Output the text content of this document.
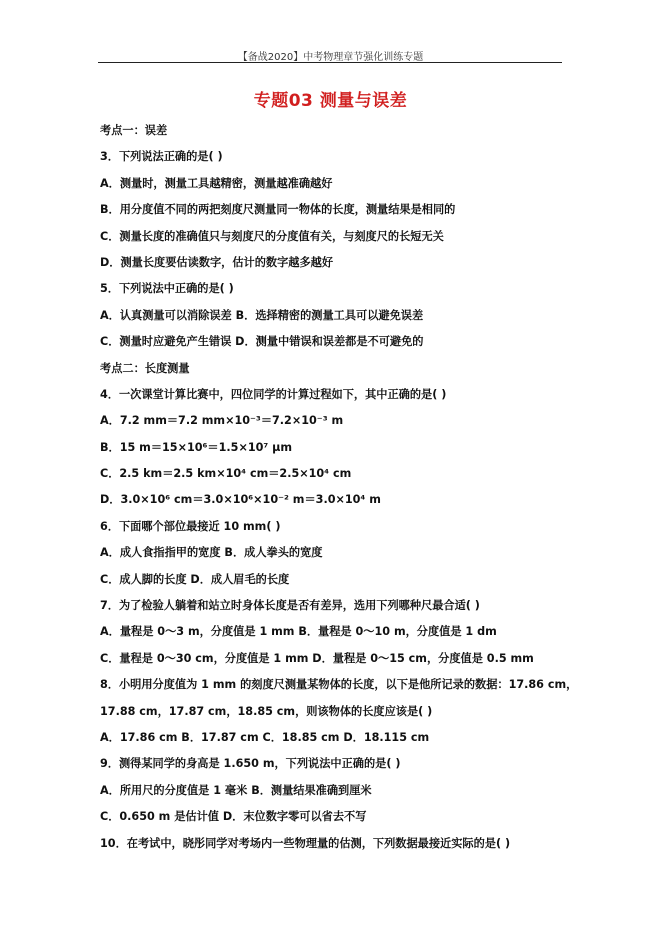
【备战2020】中考物理章节强化训练专题
专题03 测量与误差
考点一：误差
3．下列说法正确的是( )
A．测量时，测量工具越精密，测量越准确越好
B．用分度值不同的两把刻度尺测量同一物体的长度，测量结果是相同的
C．测量长度的准确值只与刻度尺的分度值有关，与刻度尺的长短无关
D．测量长度要估读数字，估计的数字越多越好
5．下列说法中正确的是( )
A．认真测量可以消除误差 B．选择精密的测量工具可以避免误差
C．测量时应避免产生错误 D．测量中错误和误差都是不可避免的
考点二：长度测量
4．一次课堂计算比赛中，四位同学的计算过程如下，其中正确的是( )
A．7.2 mm＝7.2 mm×10⁻³＝7.2×10⁻³ m
B．15 m＝15×10⁶＝1.5×10⁷ μm
C．2.5 km＝2.5 km×10⁴ cm＝2.5×10⁴ cm
D．3.0×10⁶ cm＝3.0×10⁶×10⁻² m＝3.0×10⁴ m
6．下面哪个部位最接近 10 mm( )
A．成人食指指甲的宽度 B．成人拳头的宽度
C．成人脚的长度 D．成人眉毛的长度
7．为了检验人躺着和站立时身体长度是否有差异，选用下列哪种尺最合适( )
A．量程是 0～3 m，分度值是 1 mm B．量程是 0～10 m，分度值是 1 dm
C．量程是 0～30 cm，分度值是 1 mm D．量程是 0～15 cm，分度值是 0.5 mm
8．小明用分度值为 1 mm 的刻度尺测量某物体的长度，以下是他所记录的数据：17.86 cm，
17.88 cm，17.87 cm，18.85 cm，则该物体的长度应该是( )
A．17.86 cm B．17.87 cm C．18.85 cm D．18.115 cm
9．测得某同学的身高是 1.650 m，下列说法中正确的是( )
A．所用尺的分度值是 1 毫米 B．测量结果准确到厘米
C．0.650 m 是估计值 D．末位数字零可以省去不写
10．在考试中，晓彤同学对考场内一些物理量的估测，下列数据最接近实际的是( )
